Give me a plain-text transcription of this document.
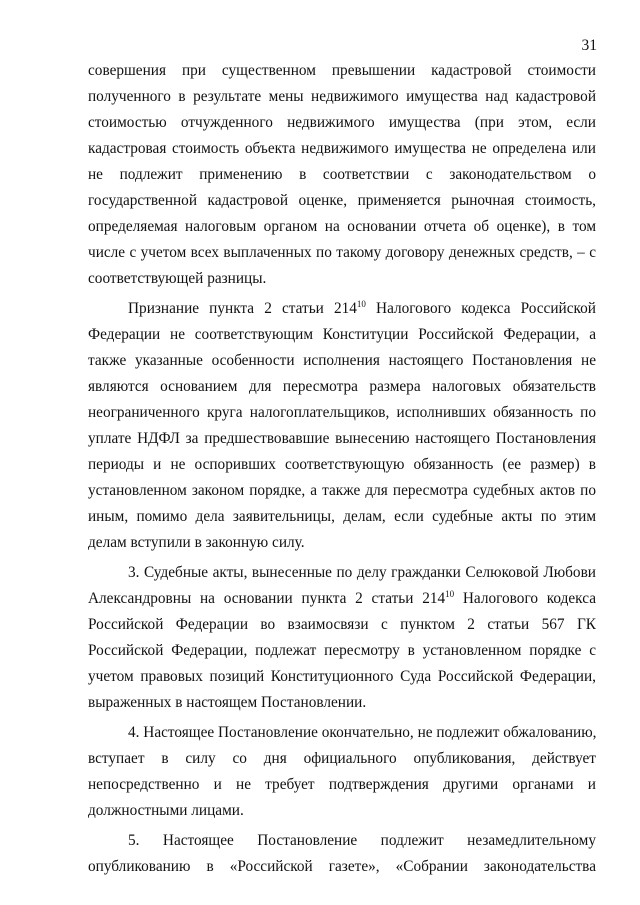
31
совершения при существенном превышении кадастровой стоимости
полученного в результате мены недвижимого имущества над кадастровой
стоимостью отчужденного недвижимого имущества (при этом, если
кадастровая стоимость объекта недвижимого имущества не определена или
не подлежит применению в соответствии с законодательством о
государственной кадастровой оценке, применяется рыночная стоимость,
определяемая налоговым органом на основании отчета об оценке), в том
числе с учетом всех выплаченных по такому договору денежных средств, – с
соответствующей разницы.
Признание пункта 2 статьи $214^{10}$ Налогового кодекса Российской
Федерации не соответствующим Конституции Российской Федерации, а
также указанные особенности исполнения настоящего Постановления не
являются основанием для пересмотра размера налоговых обязательств
неограниченного круга налогоплательщиков, исполнивших обязанность по
уплате НДФЛ за предшествовавшие вынесению настоящего Постановления
периоды и не оспоривших соответствующую обязанность (ее размер) в
установленном законом порядке, а также для пересмотра судебных актов по
иным, помимо дела заявительницы, делам, если судебные акты по этим
делам вступили в законную силу.
3. Судебные акты, вынесенные по делу гражданки Селюковой Любови
Александровны на основании пункта 2 статьи $214^{10}$ Налогового кодекса
Российской Федерации во взаимосвязи с пунктом 2 статьи 567 ГК
Российской Федерации, подлежат пересмотру в установленном порядке с
учетом правовых позиций Конституционного Суда Российской Федерации,
выраженных в настоящем Постановлении.
4. Настоящее Постановление окончательно, не подлежит обжалованию,
вступает в силу со дня официального опубликования, действует
непосредственно и не требует подтверждения другими органами и
должностными лицами.
5. Настоящее Постановление подлежит незамедлительному
опубликованию в «Российской газете», «Собрании законодательства
